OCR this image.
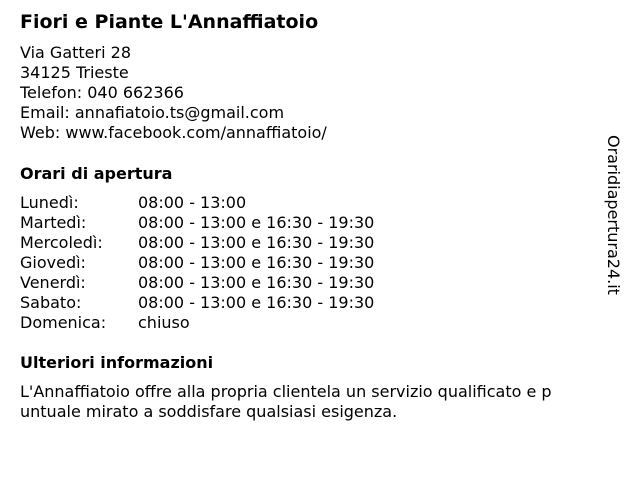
Fiori e Piante L'Annaffiatoio
Via Gatteri 28
34125 Trieste
Telefon: 040 662366
Email: annafiatoio.ts@gmail.com
Web: www.facebook.com/annaffiatoio/
Orari di apertura
Lunedì:	08:00 - 13:00
Martedì:	08:00 - 13:00 e 16:30 - 19:30
Mercoledì:	08:00 - 13:00 e 16:30 - 19:30
Giovedì:	08:00 - 13:00 e 16:30 - 19:30
Venerdì:	08:00 - 13:00 e 16:30 - 19:30
Sabato:	08:00 - 13:00 e 16:30 - 19:30
Domenica:	chiuso
Ulteriori informazioni
L'Annaffiatoio offre alla propria clientela un servizio qualificato e puntuale mirato a soddisfare qualsiasi esigenza.
Oraridiapertura24.it
